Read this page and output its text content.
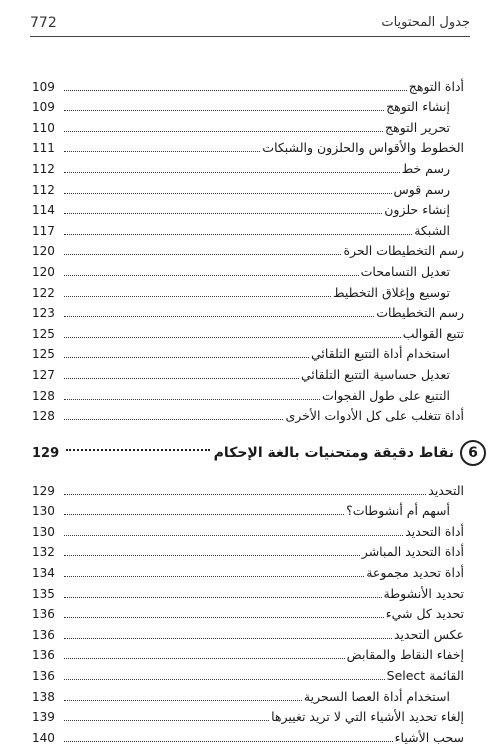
772	جدول المحتويات
أداة التوهج
109
إنشاء التوهج
109
تحرير التوهج
110
الخطوط والأقواس والحلزون والشبكات
111
رسم خط
112
رسم قوس
112
إنشاء حلزون
114
الشبكة
117
رسم التخطيطات الحرة
120
تعديل التسامحات
120
توسيع وإغلاق التخطيط
122
رسم التخطيطات
123
تتبع القوالب
125
استخدام أداة التتبع التلقائي
125
تعديل حساسية التتبع التلقائي
127
التتبع على طول الفجوات
128
أداة تتغلب على كل الأدوات الأخرى
128
6
نقاط دقيقة ومتحنيات بالغة الإحكام
129
التحديد
129
أسهم أم أنشوطات؟
130
أداة التحديد
130
أداة التحديد المباشر
132
أداة تحديد مجموعة
134
تحديد الأنشوطة
135
تحديد كل شيء
136
عكس التحديد
136
إخفاء النقاط والمقابض
136
القائمة Select
136
استخدام أداة العصا السحرية
138
إلغاء تحديد الأشياء التي لا تريد تغييرها
139
سحب الأشياء
140
